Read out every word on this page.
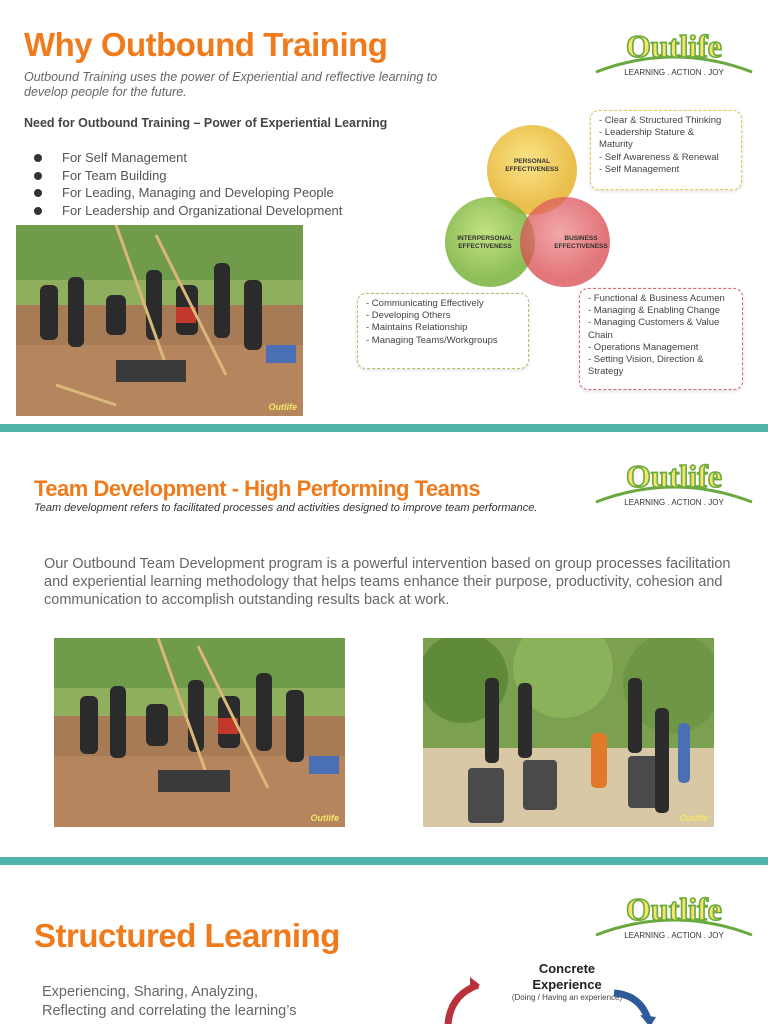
Why Outbound Training
Outbound Training uses the power of Experiential and reflective learning to develop people for the future.
Outlife
LEARNING . ACTION . JOY
Need for Outbound Training – Power of Experiential Learning
For Self Management
For Team Building
For Leading, Managing and Developing People
For Leadership and Organizational Development
Outlife
PERSONAL
EFFECTIVENESS
INTERPERSONAL
EFFECTIVENESS
BUSINESS
EFFECTIVENESS
- Clear & Structured Thinking
- Leadership Stature &
Maturity
- Self Awareness & Renewal
- Self Management
- Communicating Effectively
- Developing Others
- Maintains Relationship
- Managing Teams/Workgroups
- Functional & Business Acumen
- Managing & Enabling Change
- Managing Customers & Value
Chain
- Operations Management
- Setting Vision, Direction &
Strategy
Team Development - High Performing Teams
Team development refers to facilitated processes and activities designed to improve team performance.
Outlife
LEARNING . ACTION . JOY
Our Outbound Team Development program is a powerful intervention based on group processes facilitation and experiential learning methodology that helps teams enhance their purpose, productivity, cohesion and communication to accomplish outstanding results back at work.
Outlife	Outlife
Structured Learning
Outlife
LEARNING . ACTION . JOY
Experiencing, Sharing, Analyzing,
Reflecting and correlating the learning’s
Concrete
Experience
(Doing / Having an experience)
